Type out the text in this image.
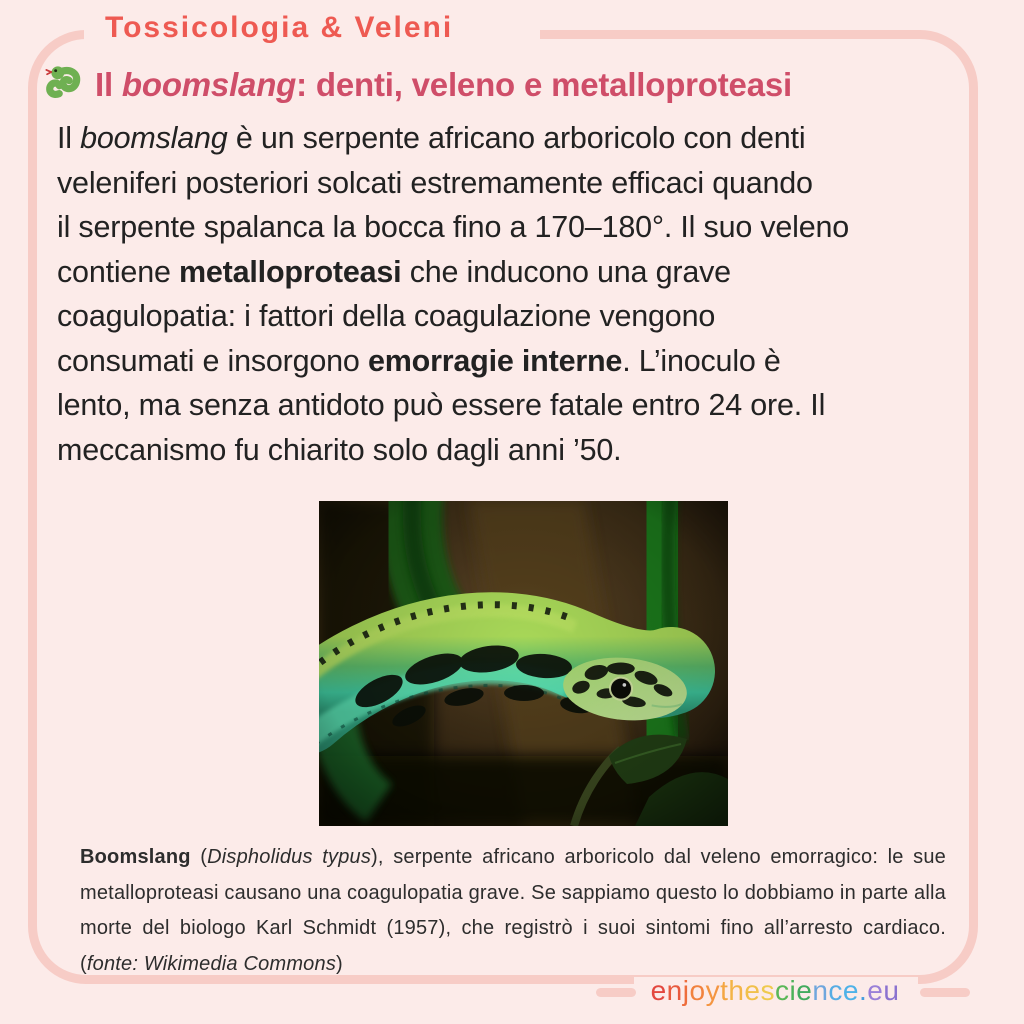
Tossicologia & Veleni
Il boomslang: denti, veleno e metalloproteasi

Il boomslang è un serpente africano arboricolo con denti
veleniferi posteriori solcati estremamente efficaci quando
il serpente spalanca la bocca fino a 170–180°. Il suo veleno
contiene metalloproteasi che inducono una grave
coagulopatia: i fattori della coagulazione vengono
consumati e insorgono emorragie interne. L’inoculo è
lento, ma senza antidoto può essere fatale entro 24 ore. Il
meccanismo fu chiarito solo dagli anni ’50.

Boomslang (Dispholidus typus), serpente africano arboricolo dal veleno emorragico: le sue metalloproteasi causano una coagulopatia grave. Se sappiamo questo lo dobbiamo in parte alla morte del biologo Karl Schmidt (1957), che registrò i suoi sintomi fino all’arresto cardiaco. (fonte: Wikimedia Commons)

enjoythescience.eu
